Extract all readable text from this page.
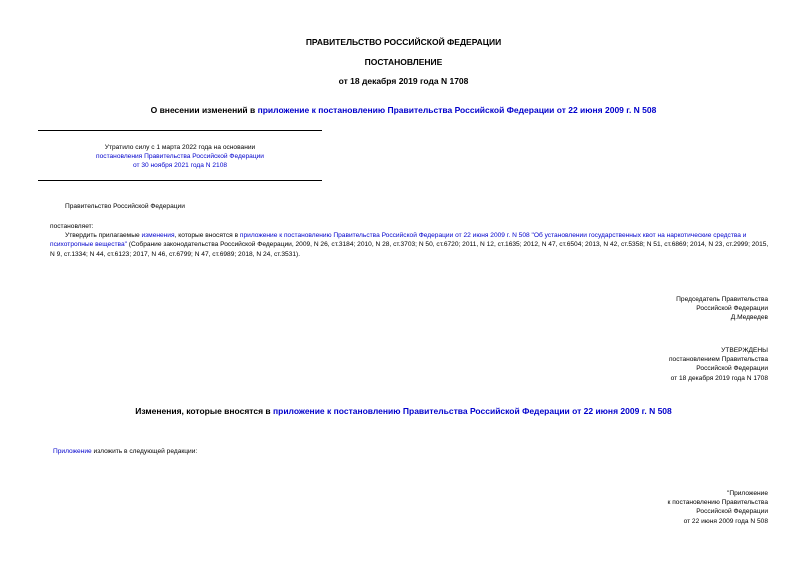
ПРАВИТЕЛЬСТВО РОССИЙСКОЙ ФЕДЕРАЦИИ
ПОСТАНОВЛЕНИЕ
от 18 декабря 2019 года N 1708
О внесении изменений в приложение к постановлению Правительства Российской Федерации от 22 июня 2009 г. N 508
Утратило силу с 1 марта 2022 года на основании
постановления Правительства Российской Федерации
от 30 ноября 2021 года N 2108
Правительство Российской Федерации
постановляет:
Утвердить прилагаемые изменения, которые вносятся в приложение к постановлению Правительства Российской Федерации от 22 июня 2009 г. N 508 "Об установлении государственных квот на наркотические средства и психотропные вещества" (Собрание законодательства Российской Федерации, 2009, N 26, ст.3184; 2010, N 28, ст.3703; N 50, ст.6720; 2011, N 12, ст.1635; 2012, N 47, ст.6504; 2013, N 42, ст.5358; N 51, ст.6869; 2014, N 23, ст.2999; 2015, N 9, ст.1334; N 44, ст.6123; 2017, N 46, ст.6799; N 47, ст.6989; 2018, N 24, ст.3531).
Председатель Правительства
Российской Федерации
Д.Медведев
УТВЕРЖДЕНЫ
постановлением Правительства
Российской Федерации
от 18 декабря 2019 года N 1708
Изменения, которые вносятся в приложение к постановлению Правительства Российской Федерации от 22 июня 2009 г. N 508
Приложение изложить в следующей редакции:
"Приложение
к постановлению Правительства
Российской Федерации
от 22 июня 2009 года N 508
